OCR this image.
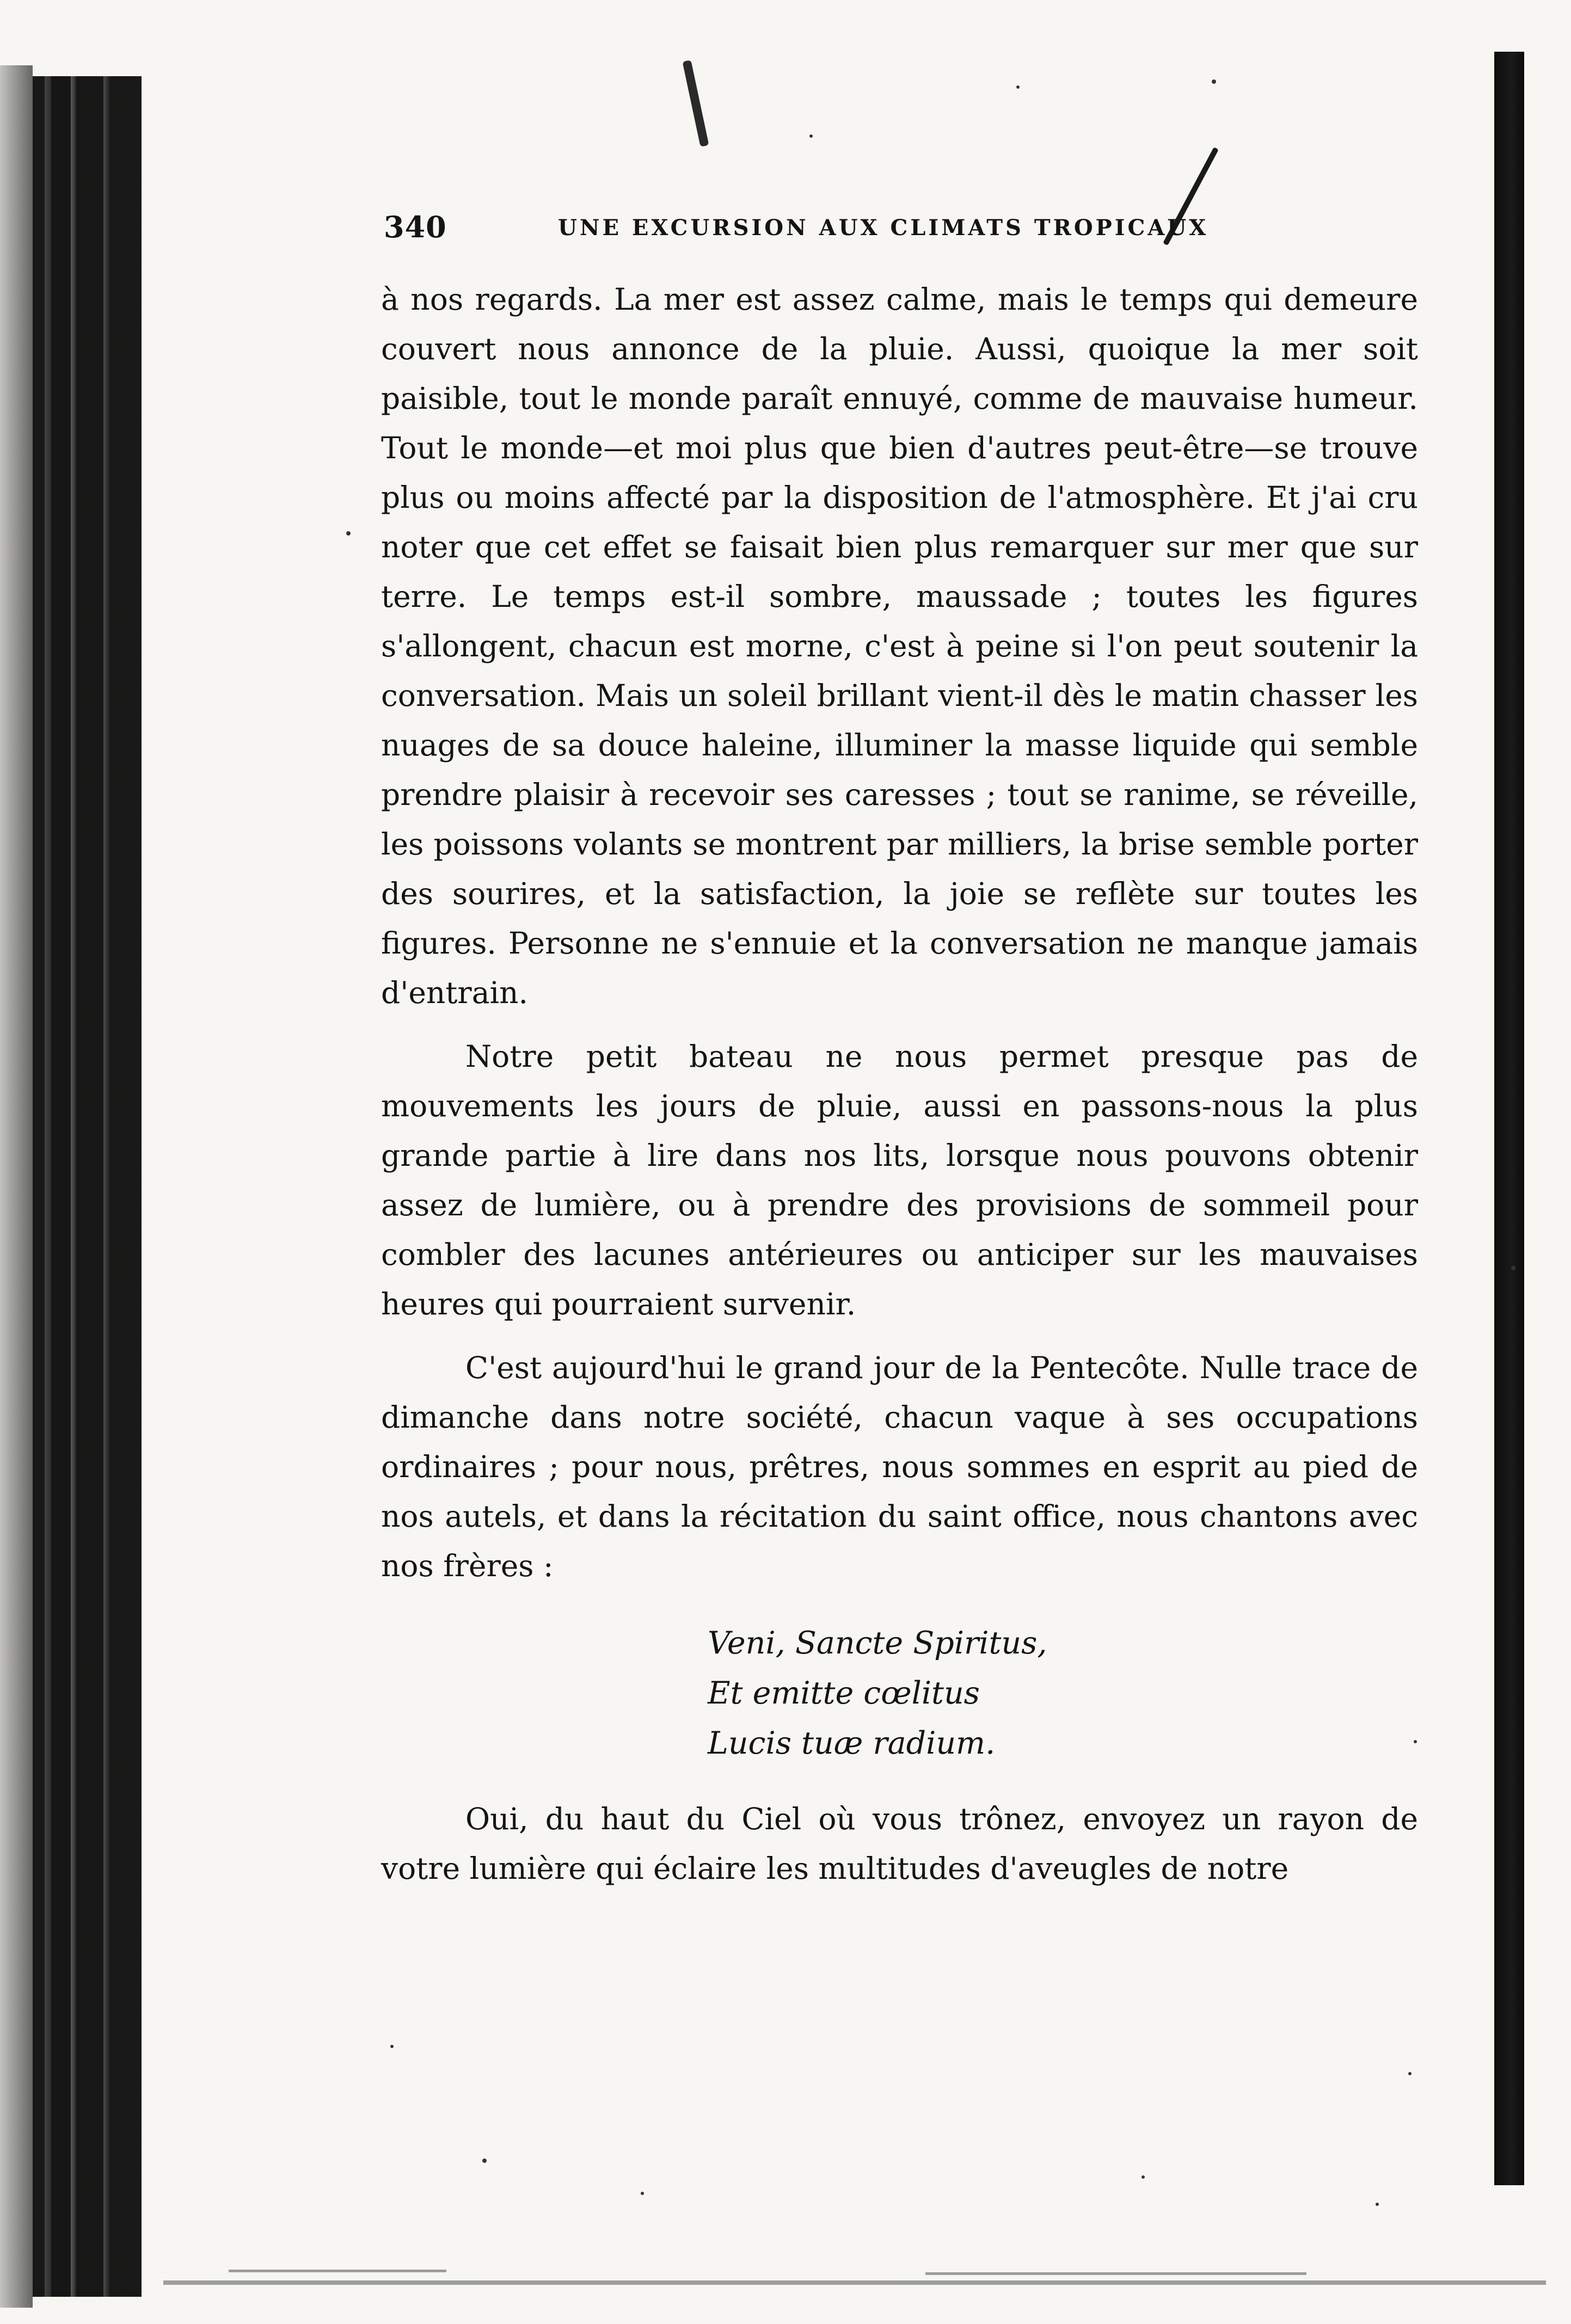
340	UNE EXCURSION AUX CLIMATS TROPICAUX

à nos regards. La mer est assez calme, mais le temps qui demeure couvert nous annonce de la pluie. Aussi, quoique la mer soit paisible, tout le monde paraît ennuyé, comme de mauvaise humeur. Tout le monde—et moi plus que bien d'autres peut-être—se trouve plus ou moins affecté par la disposition de l'atmosphère. Et j'ai cru noter que cet effet se faisait bien plus remarquer sur mer que sur terre. Le temps est-il sombre, maussade ; toutes les figures s'allongent, chacun est morne, c'est à peine si l'on peut soutenir la conversation. Mais un soleil brillant vient-il dès le matin chasser les nuages de sa douce haleine, illuminer la masse liquide qui semble prendre plaisir à recevoir ses caresses ; tout se ranime, se réveille, les poissons volants se montrent par milliers, la brise semble porter des sourires, et la satisfaction, la joie se reflète sur toutes les figures. Personne ne s'ennuie et la conversation ne manque jamais d'entrain.

Notre petit bateau ne nous permet presque pas de mouvements les jours de pluie, aussi en passons-nous la plus grande partie à lire dans nos lits, lorsque nous pouvons obtenir assez de lumière, ou à prendre des provisions de sommeil pour combler des lacunes antérieures ou anticiper sur les mauvaises heures qui pourraient survenir.

C'est aujourd'hui le grand jour de la Pentecôte. Nulle trace de dimanche dans notre société, chacun vaque à ses occupations ordinaires ; pour nous, prêtres, nous sommes en esprit au pied de nos autels, et dans la récitation du saint office, nous chantons avec nos frères :

Veni, Sancte Spiritus,
Et emitte cœlitus
Lucis tuæ radium.

Oui, du haut du Ciel où vous trônez, envoyez un rayon de votre lumière qui éclaire les multitudes d'aveugles de notre
